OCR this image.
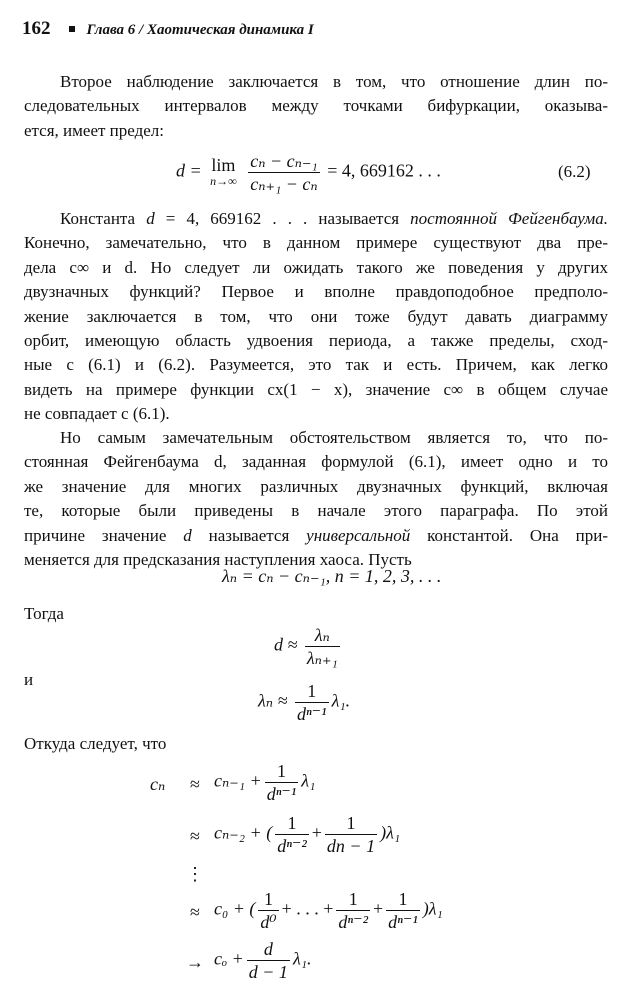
162 Глава 6 / Хаотическая динамика I
Второе наблюдение заключается в том, что отношение длин по-
следовательных интервалов между точками бифуркации, оказыва-
ется, имеет предел:
d = lim
n→∞
$\frac{\text{cₙ − cₙ₋₁}}{\text{cₙ₊₁ − cₙ}} = 4$, 669162 . . .	(6.2)
Константа d = 4, 669162 . . . называется постоянной Фейгенбаума.
Конечно, замечательно, что в данном примере существуют два пре-
дела c∞ и d. Но следует ли ожидать такого же поведения у других
двузначных функций? Первое и вполне правдоподобное предполо-
жение заключается в том, что они тоже будут давать диаграмму
орбит, имеющую область удвоения периода, а также пределы, сход-
ные с (6.1) и (6.2). Разумеется, это так и есть. Причем, как легко
видеть на примере функции cx(1 − x), значение c∞ в общем случае
не совпадает с (6.1).
Но самым замечательным обстоятельством является то, что по-
стоянная Фейгенбаума d, заданная формулой (6.1), имеет одно и то
же значение для многих различных двузначных функций, включая
те, которые были приведены в начале этого параграфа. По этой
причине значение d называется универсальной константой. Она при-
меняется для предсказания наступления хаоса. Пусть
λₙ = cₙ − cₙ₋₁, n = 1, 2, 3, . . .
Тогда
$d \approx \frac{\text{λₙ}}{\text{λₙ₊₁}}$
и
$\lambda_n \approx \frac{1}{\text{dⁿ⁻¹}} \lambda_1$.
Откуда следует, что
cₙ	≈ $c_{n-1} + \frac{1}{\text{dⁿ⁻¹}} \lambda_1$
≈ cₙ₋₂ + ( $\frac{1}{\text{dⁿ⁻²}} + \frac{1}{dn - 1} )\lambda_1$
⋮
≈ c₀ + ( $\frac{1}{\text{d⁰}}$ + . . . + $\frac{1}{\text{dⁿ⁻²}} + \frac{1}{\text{dⁿ⁻¹}} )\lambda_1$
→ $c_o + \frac{d}{d - 1} \lambda_1$.
